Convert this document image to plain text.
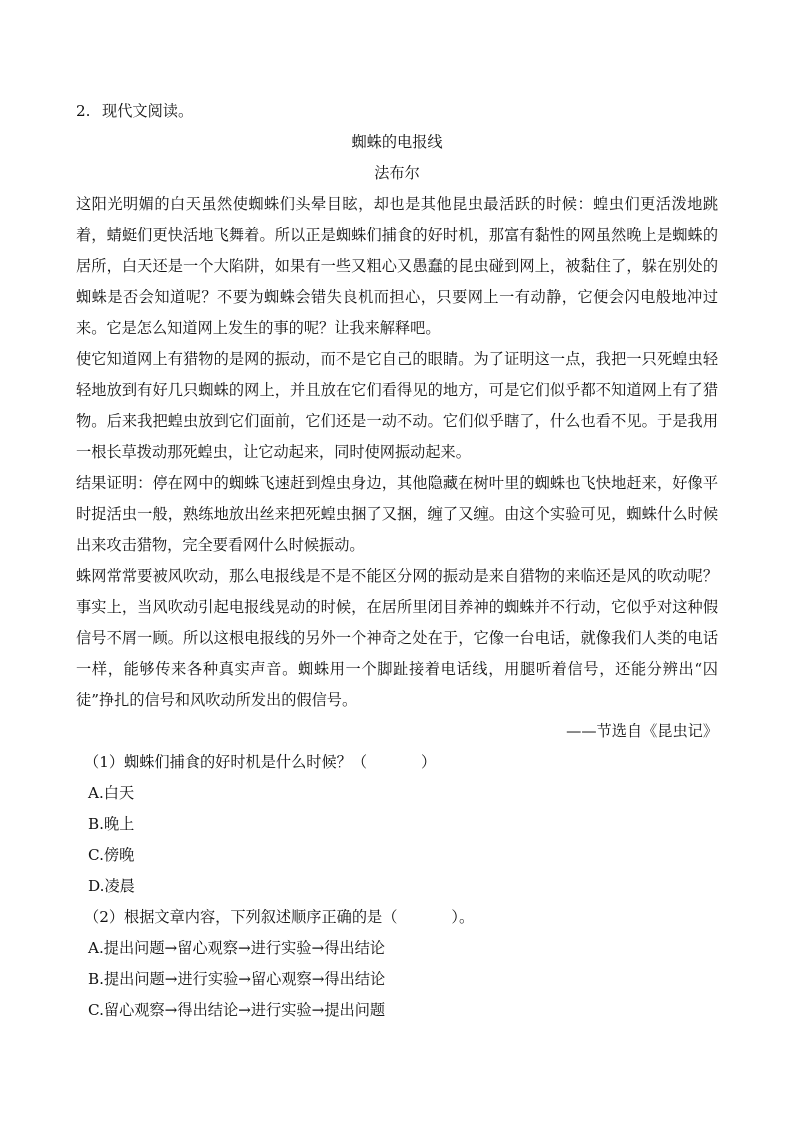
2. 现代文阅读。
蜘蛛的电报线
法布尔

这阳光明媚的白天虽然使蜘蛛们头晕目眩，却也是其他昆虫最活跃的时候：蝗虫们更活泼地跳着，蜻蜓们更快活地飞舞着。所以正是蜘蛛们捕食的好时机，那富有黏性的网虽然晚上是蜘蛛的居所，白天还是一个大陷阱，如果有一些又粗心又愚蠢的昆虫碰到网上，被黏住了，躲在别处的蜘蛛是否会知道呢？不要为蜘蛛会错失良机而担心，只要网上一有动静，它便会闪电般地冲过来。它是怎么知道网上发生的事的呢？让我来解释吧。

使它知道网上有猎物的是网的振动，而不是它自己的眼睛。为了证明这一点，我把一只死蝗虫轻轻地放到有好几只蜘蛛的网上，并且放在它们看得见的地方，可是它们似乎都不知道网上有了猎物。后来我把蝗虫放到它们面前，它们还是一动不动。它们似乎瞎了，什么也看不见。于是我用一根长草拨动那死蝗虫，让它动起来，同时使网振动起来。

结果证明：停在网中的蜘蛛飞速赶到煌虫身边，其他隐藏在树叶里的蜘蛛也飞快地赶来，好像平时捉活虫一般，熟练地放出丝来把死蝗虫捆了又捆，缠了又缠。由这个实验可见，蜘蛛什么时候出来攻击猎物，完全要看网什么时候振动。

蛛网常常要被风吹动，那么电报线是不是不能区分网的振动是来自猎物的来临还是风的吹动呢？事实上，当风吹动引起电报线晃动的时候，在居所里闭目养神的蜘蛛并不行动，它似乎对这种假信号不屑一顾。所以这根电报线的另外一个神奇之处在于，它像一台电话，就像我们人类的电话一样，能够传来各种真实声音。蜘蛛用一个脚趾接着电话线，用腿听着信号，还能分辨出“囚徒”挣扎的信号和风吹动所发出的假信号。

——节选自《昆虫记》
（1）蜘蛛们捕食的好时机是什么时候？（	）
A.白天
B.晚上
C.傍晚
D.凌晨
（2）根据文章内容，下列叙述顺序正确的是（	）。
A.提出问题→留心观察→进行实验→得出结论
B.提出问题→进行实验→留心观察→得出结论
C.留心观察→得出结论→进行实验→提出问题
